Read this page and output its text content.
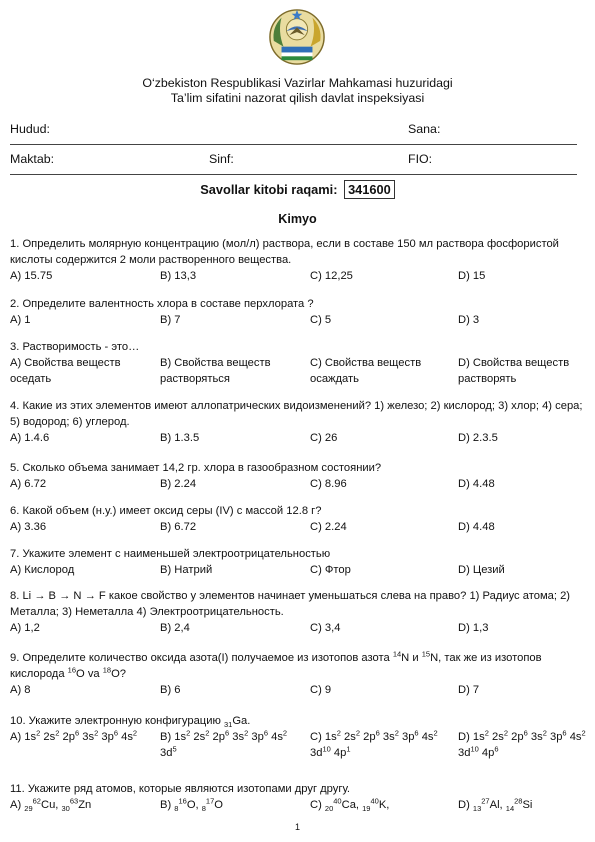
O‘zbekiston Respublikasi Vazirlar Mahkamasi huzuridagi
Ta’lim sifatini nazorat qilish davlat inspeksiyasi
Hudud:	Sana:
Maktab:	Sinf:	FIO:
Savollar kitobi raqami: 341600
Kimyo
1. Определить молярную концентрацию (мол/л) раствора, если в составе 150 мл раствора фосфористой кислоты содержится 2 моли растворенного вещества.
A) 15.75	B) 13,3	C) 12,25	D) 15
2. Определите валентность хлора в составе перхлората ?
A) 1	B) 7	C) 5	D) 3
3. Растворимость - это…
A) Свойства веществ оседать
B) Свойства веществ растворяться
C) Свойства веществ осаждать
D) Свойства веществ растворять
4. Какие из этих элементов имеют аллопатрических видоизменений? 1) железо; 2) кислород; 3) хлор; 4) сера; 5) водород; 6) углерод.
A) 1.4.6	B) 1.3.5	C) 26	D) 2.3.5
5. Сколько объема занимает 14,2 гр. хлора в газообразном состоянии?
A) 6.72	B) 2.24	C) 8.96	D) 4.48
6. Какой объем (н.у.) имеет оксид серы (IV) с массой 12.8 г?
A) 3.36	B) 6.72	C) 2.24	D) 4.48
7. Укажите элемент с наименьшей электроотрицательностью
A) Кислород	B) Натрий	C) Фтор	D) Цезий
8. Li → B → N → F какое свойство у элементов начинает уменьшаться слева на право? 1) Радиус атома; 2) Металла; 3) Неметалла 4) Электроотрицательность.
A) 1,2	B) 2,4	C) 3,4	D) 1,3
9. Определите количество оксида азота(I) получаемое из изотопов азота $^{14}$N и $^{15}$N, так же из изотопов кислорода $^{16}$O va $^{18}$O?
A) 8	B) 6	C) 9	D) 7
10. Укажите электронную конфигурацию $_{31}$Ga.
A) $1s^2$ $2s^2$ $2p^6$ $3s^2$ $3p^6$ $4s^2$	B) $1s^2$ $2s^2$ $2p^6$ $3s^2$ $3p^6$ $4s^2$ $3d^5$
C) $1s^2$ $2s^2$ $2p^6$ $3s^2$ $3p^6$ $4s^2$ $3d^{10}$ $4p^1$
D) $1s^2$ $2s^2$ $2p^6$ $3s^2$ $3p^6$ $4s^2$ $3d^{10}$ $4p^6$
11. Укажите ряд атомов, которые являются изотопами друг другу.
A) $_{29}^{62}$Cu, $_{30}^{63}$Zn	B) $_8^{16}$O, $_8^{17}$O	C) $_{20}^{40}$Ca, $_{19}^{40}$K,	D) $_{13}^{27}$Al, $_{14}^{28}$Si
1
